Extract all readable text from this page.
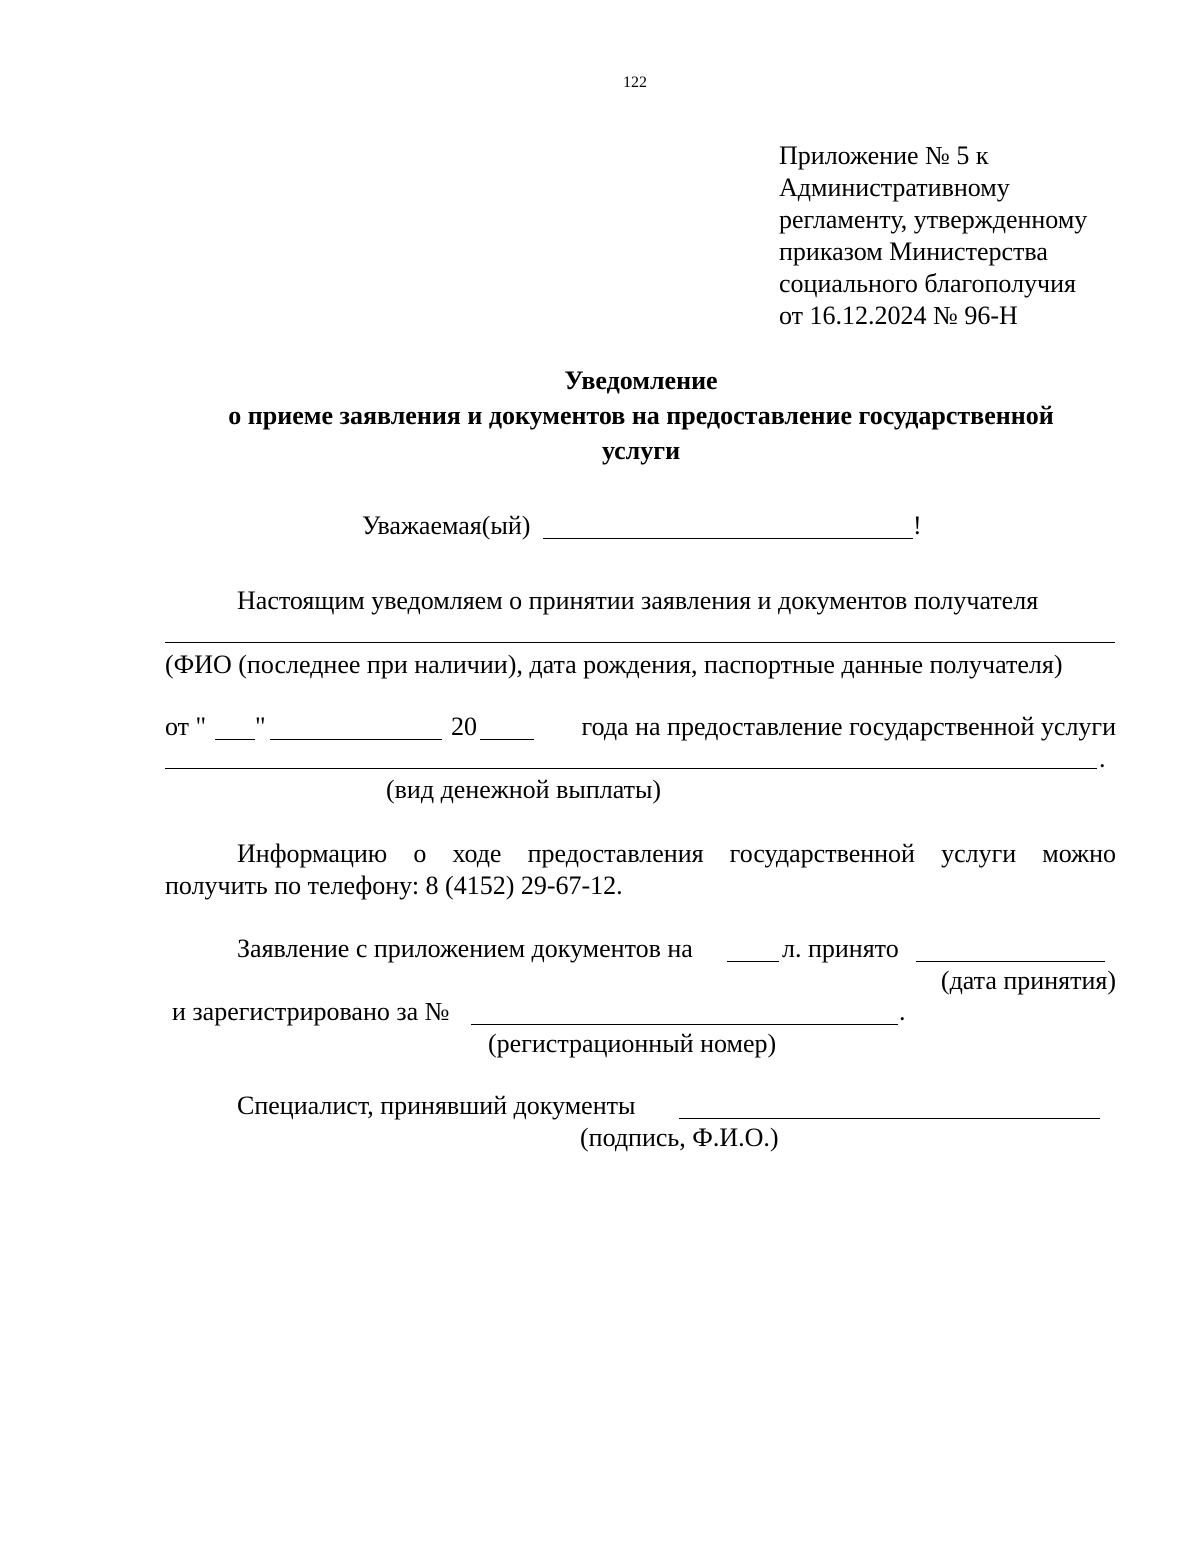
122
Приложение № 5 к
Административному
регламенту, утвержденному
приказом Министерства
социального благополучия
от 16.12.2024 № 96-Н
Уведомление
о приеме заявления и документов на предоставление государственной
услуги
Уважаемая(ый)	!
Настоящим уведомляем о принятии заявления и документов получателя
(ФИО (последнее при наличии), дата рождения, паспортные данные получателя)
от " "	20	года на предоставление государственной услуги
.
(вид денежной выплаты)
Информацию о ходе предоставления государственной услуги можно
получить по телефону: 8 (4152) 29-67-12.
Заявление с приложением документов на	л. принято
(дата принятия)
и зарегистрировано за №	.
(регистрационный номер)
Специалист, принявший документы
(подпись, Ф.И.О.)
